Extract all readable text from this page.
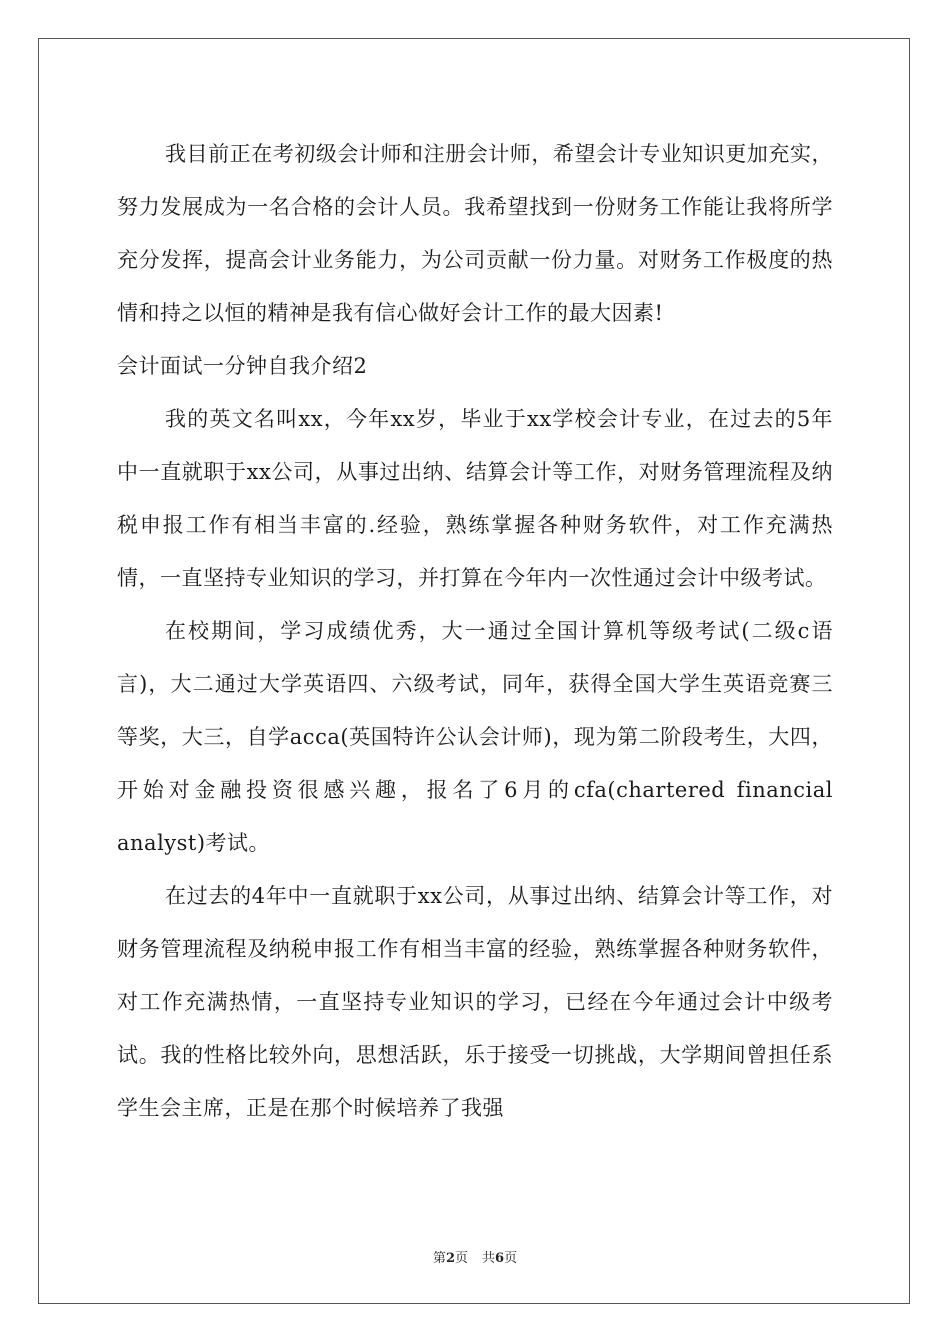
我目前正在考初级会计师和注册会计师，希望会计专业知识更加充实，努力发展成为一名合格的会计人员。我希望找到一份财务工作能让我将所学充分发挥，提高会计业务能力，为公司贡献一份力量。对财务工作极度的热情和持之以恒的精神是我有信心做好会计工作的最大因素!

会计面试一分钟自我介绍2

我的英文名叫xx，今年xx岁，毕业于xx学校会计专业，在过去的5年中一直就职于xx公司，从事过出纳、结算会计等工作，对财务管理流程及纳税申报工作有相当丰富的.经验，熟练掌握各种财务软件，对工作充满热情，一直坚持专业知识的学习，并打算在今年内一次性通过会计中级考试。

在校期间，学习成绩优秀，大一通过全国计算机等级考试(二级c语言)，大二通过大学英语四、六级考试，同年，获得全国大学生英语竞赛三等奖，大三，自学acca(英国特许公认会计师)，现为第二阶段考生，大四，开始对金融投资很感兴趣，报名了6月的cfa(chartered financial analyst)考试。

在过去的4年中一直就职于xx公司，从事过出纳、结算会计等工作，对财务管理流程及纳税申报工作有相当丰富的经验，熟练掌握各种财务软件，对工作充满热情，一直坚持专业知识的学习，已经在今年通过会计中级考试。我的性格比较外向，思想活跃，乐于接受一切挑战，大学期间曾担任系学生会主席，正是在那个时候培养了我强

第2页 共6页
